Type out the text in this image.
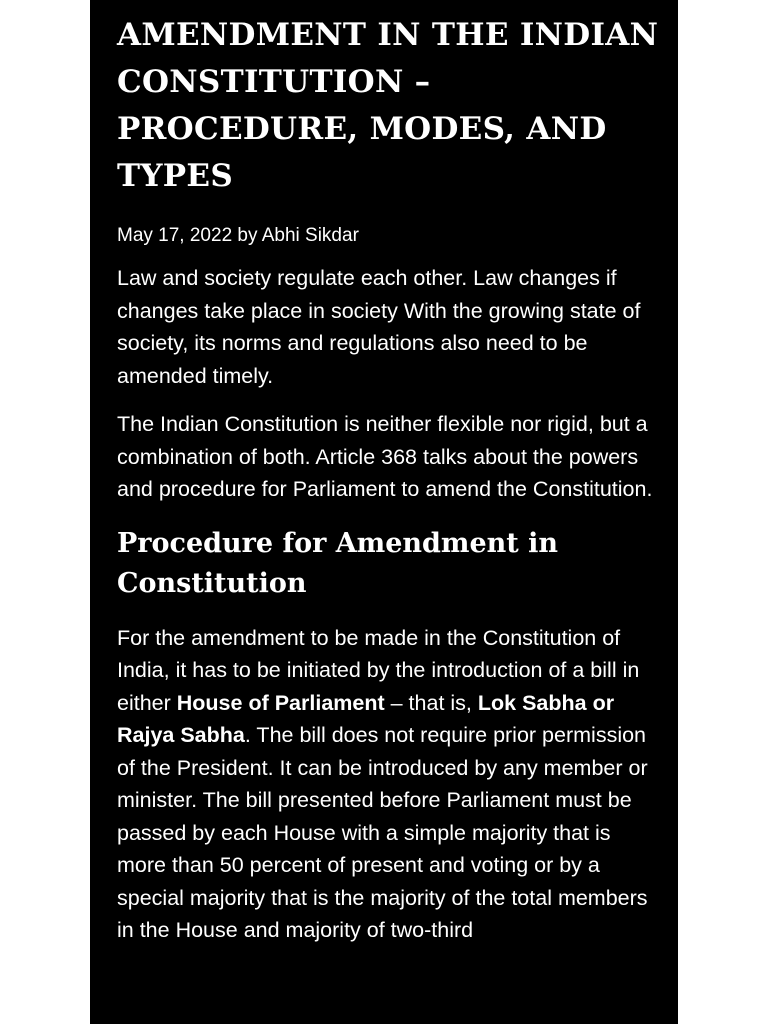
AMENDMENT IN THE INDIAN CONSTITUTION – PROCEDURE, MODES, AND TYPES
May 17, 2022 by Abhi Sikdar

Law and society regulate each other. Law changes if changes take place in society With the growing state of society, its norms and regulations also need to be amended timely.

The Indian Constitution is neither flexible nor rigid, but a combination of both. Article 368 talks about the powers and procedure for Parliament to amend the Constitution.

Procedure for Amendment in Constitution

For the amendment to be made in the Constitution of India, it has to be initiated by the introduction of a bill in either House of Parliament – that is, Lok Sabha or Rajya Sabha. The bill does not require prior permission of the President. It can be introduced by any member or minister. The bill presented before Parliament must be passed by each House with a simple majority that is more than 50 percent of present and voting or by a special majority that is the majority of the total members in the House and majority of two-third
